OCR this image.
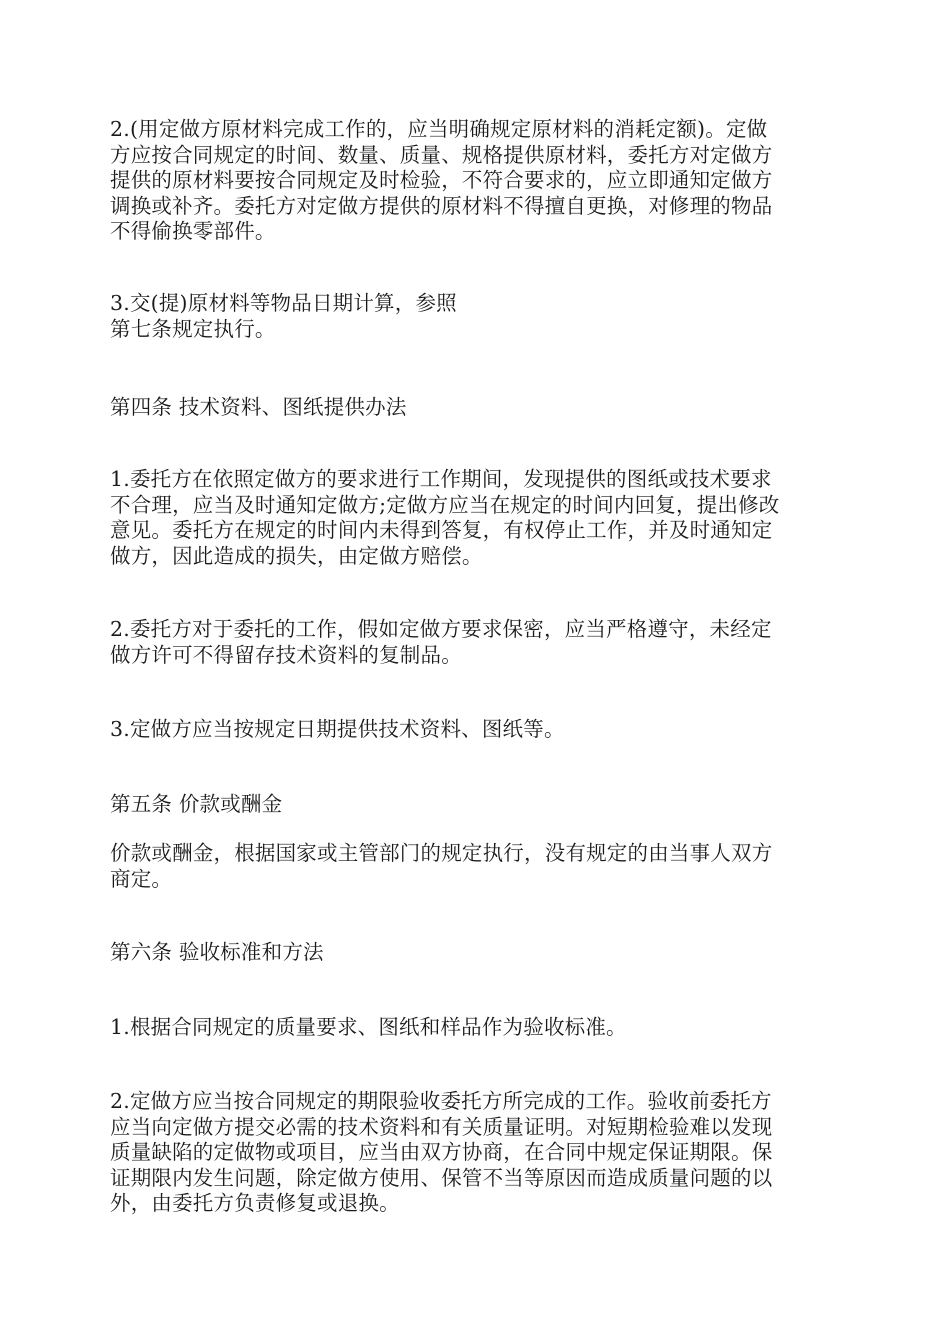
2.(用定做方原材料完成工作的，应当明确规定原材料的消耗定额)。定做
方应按合同规定的时间、数量、质量、规格提供原材料，委托方对定做方
提供的原材料要按合同规定及时检验，不符合要求的，应立即通知定做方
调换或补齐。委托方对定做方提供的原材料不得擅自更换，对修理的物品
不得偷换零部件。
3.交(提)原材料等物品日期计算，参照
第七条规定执行。
第四条 技术资料、图纸提供办法
1.委托方在依照定做方的要求进行工作期间，发现提供的图纸或技术要求
不合理，应当及时通知定做方;定做方应当在规定的时间内回复，提出修改
意见。委托方在规定的时间内未得到答复，有权停止工作，并及时通知定
做方，因此造成的损失，由定做方赔偿。
2.委托方对于委托的工作，假如定做方要求保密，应当严格遵守，未经定
做方许可不得留存技术资料的复制品。
3.定做方应当按规定日期提供技术资料、图纸等。
第五条 价款或酬金
价款或酬金，根据国家或主管部门的规定执行，没有规定的由当事人双方
商定。
第六条 验收标准和方法
1.根据合同规定的质量要求、图纸和样品作为验收标准。
2.定做方应当按合同规定的期限验收委托方所完成的工作。验收前委托方
应当向定做方提交必需的技术资料和有关质量证明。对短期检验难以发现
质量缺陷的定做物或项目，应当由双方协商，在合同中规定保证期限。保
证期限内发生问题，除定做方使用、保管不当等原因而造成质量问题的以
外，由委托方负责修复或退换。
